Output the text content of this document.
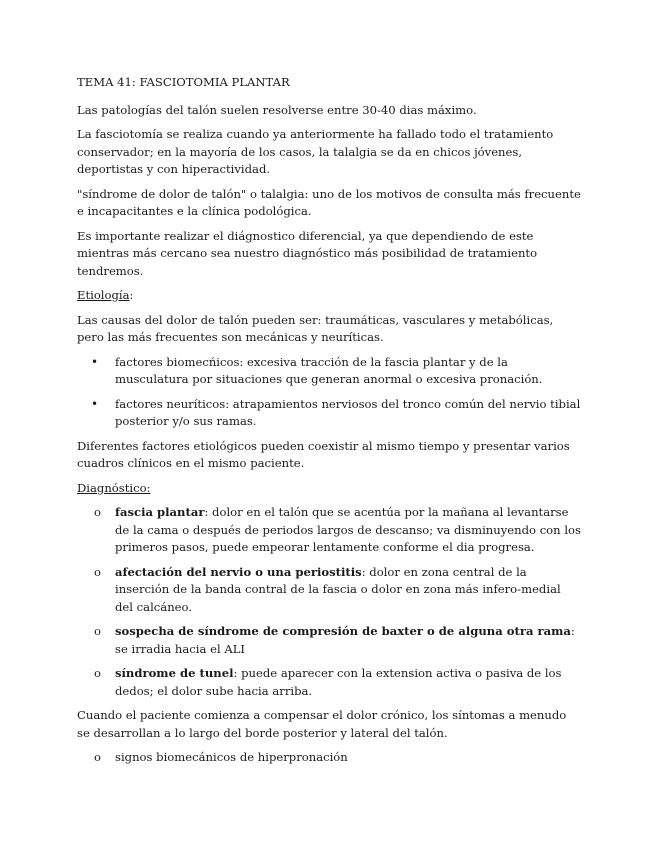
TEMA 41: FASCIOTOMIA PLANTAR

Las patologías del talón suelen resolverse entre 30-40 dias máximo.

La fasciotomía se realiza cuando ya anteriormente ha fallado todo el tratamiento conservador; en la mayoría de los casos, la talalgia se da en chicos jóvenes, deportistas y con hiperactividad.

"síndrome de dolor de talón" o talalgia: uno de los motivos de consulta más frecuente e incapacitantes e la clínica podológica.

Es importante realizar el diágnostico diferencial, ya que dependiendo de este mientras más cercano sea nuestro diagnóstico más posibilidad de tratamiento tendremos.

Etiología:

Las causas del dolor de talón pueden ser: traumáticas, vasculares y metabólicas, pero las más frecuentes son mecánicas y neuríticas.

• factores biomecńicos: excesiva tracción de la fascia plantar y de la musculatura por situaciones que generan anormal o excesiva pronación.
• factores neuríticos: atrapamientos nerviosos del tronco común del nervio tibial posterior y/o sus ramas.

Diferentes factores etiológicos pueden coexistir al mismo tiempo y presentar varios cuadros clínicos en el mismo paciente.

Diagnóstico:

o fascia plantar: dolor en el talón que se acentúa por la mañana al levantarse de la cama o después de periodos largos de descanso; va disminuyendo con los primeros pasos, puede empeorar lentamente conforme el dia progresa.
o afectación del nervio o una periostitis: dolor en zona central de la inserción de la banda contral de la fascia o dolor en zona más infero-medial del calcáneo.
o sospecha de síndrome de compresión de baxter o de alguna otra rama: se irradia hacia el ALI
o síndrome de tunel: puede aparecer con la extension activa o pasiva de los dedos; el dolor sube hacia arriba.

Cuando el paciente comienza a compensar el dolor crónico, los síntomas a menudo se desarrollan a lo largo del borde posterior y lateral del talón.

o signos biomecánicos de hiperpronación
